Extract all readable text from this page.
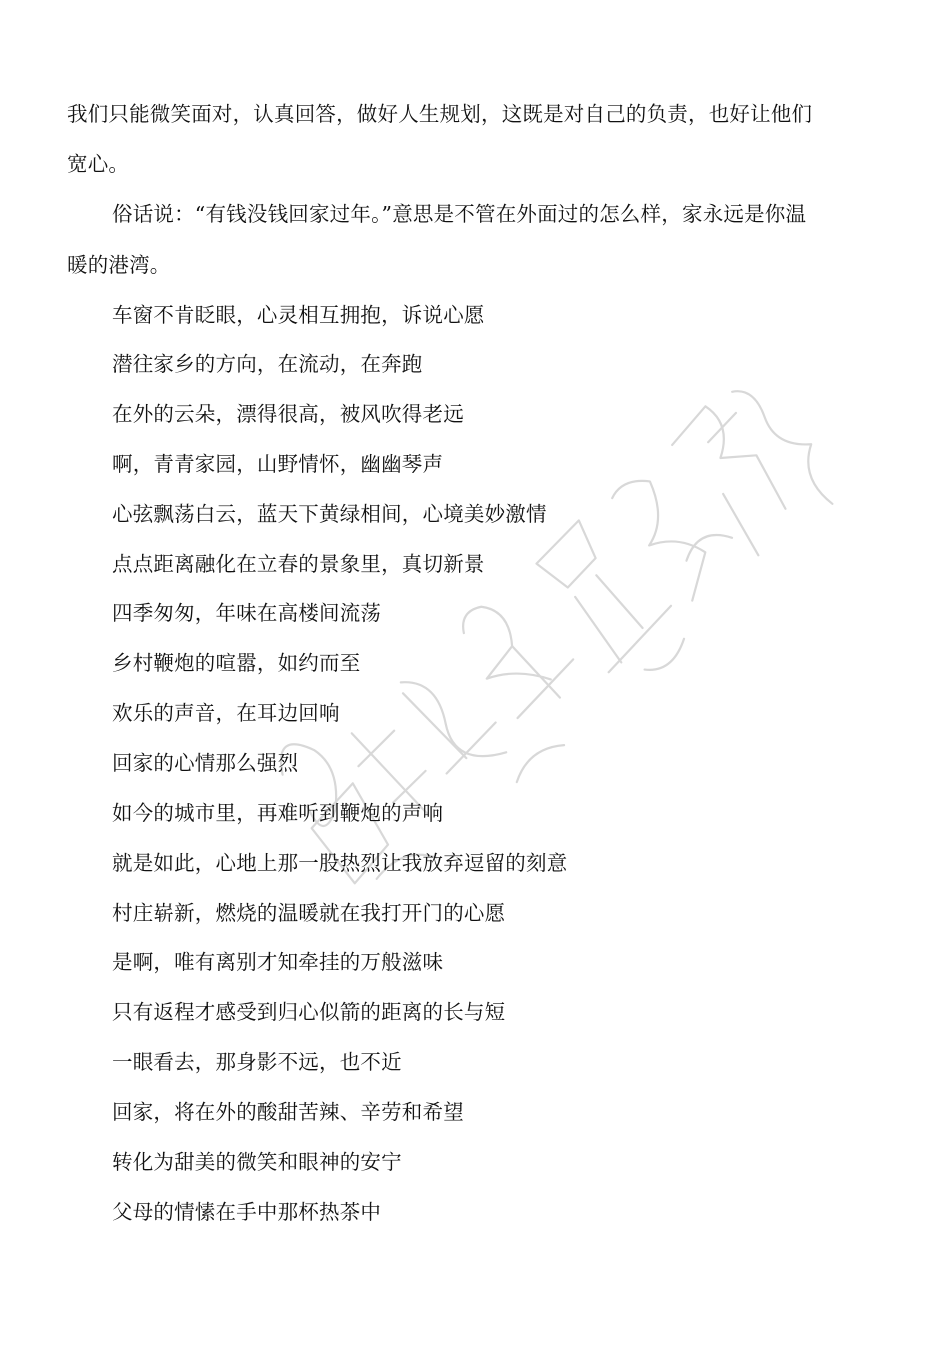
我们只能微笑面对，认真回答，做好人生规划，这既是对自己的负责，也好让他们
宽心。
俗话说：“有钱没钱回家过年。”意思是不管在外面过的怎么样，家永远是你温
暖的港湾。
车窗不肯眨眼，心灵相互拥抱，诉说心愿
潜往家乡的方向，在流动，在奔跑
在外的云朵，漂得很高，被风吹得老远
啊，青青家园，山野情怀，幽幽琴声
心弦飘荡白云，蓝天下黄绿相间，心境美妙激情
点点距离融化在立春的景象里，真切新景
四季匆匆，年味在高楼间流荡
乡村鞭炮的喧嚣，如约而至
欢乐的声音，在耳边回响
回家的心情那么强烈
如今的城市里，再难听到鞭炮的声响
就是如此，心地上那一股热烈让我放弃逗留的刻意
村庄崭新，燃烧的温暖就在我打开门的心愿
是啊，唯有离别才知牵挂的万般滋味
只有返程才感受到归心似箭的距离的长与短
一眼看去，那身影不远，也不近
回家，将在外的酸甜苦辣、辛劳和希望
转化为甜美的微笑和眼神的安宁
父母的情愫在手中那杯热茶中
